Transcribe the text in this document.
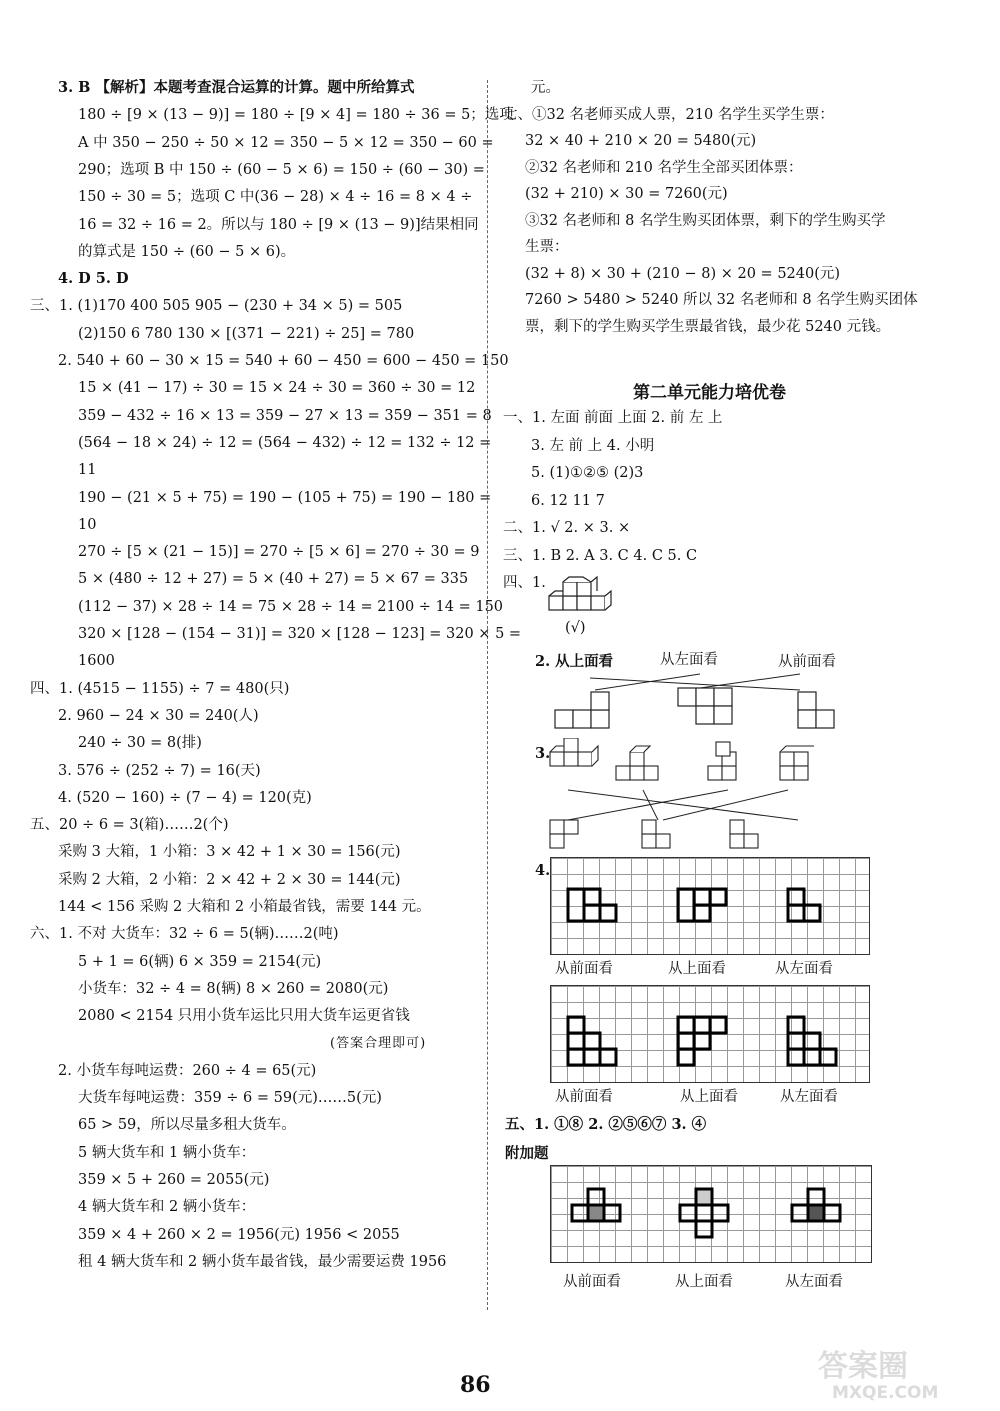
3. B 【解析】本题考查混合运算的计算。题中所给算式
180 ÷ [9 × (13 − 9)] = 180 ÷ [9 × 4] = 180 ÷ 36 = 5；选项
A 中 350 − 250 ÷ 50 × 12 = 350 − 5 × 12 = 350 − 60 =
290；选项 B 中 150 ÷ (60 − 5 × 6) = 150 ÷ (60 − 30) =
150 ÷ 30 = 5；选项 C 中(36 − 28) × 4 ÷ 16 = 8 × 4 ÷
16 = 32 ÷ 16 = 2。所以与 180 ÷ [9 × (13 − 9)]结果相同
的算式是 150 ÷ (60 − 5 × 6)。
4. D 5. D
三、1. (1)170 400 505 905 − (230 + 34 × 5) = 505
(2)150 6 780 130 × [(371 − 221) ÷ 25] = 780
2. 540 + 60 − 30 × 15 = 540 + 60 − 450 = 600 − 450 = 150
15 × (41 − 17) ÷ 30 = 15 × 24 ÷ 30 = 360 ÷ 30 = 12
359 − 432 ÷ 16 × 13 = 359 − 27 × 13 = 359 − 351 = 8
(564 − 18 × 24) ÷ 12 = (564 − 432) ÷ 12 = 132 ÷ 12 =
11
190 − (21 × 5 + 75) = 190 − (105 + 75) = 190 − 180 =
10
270 ÷ [5 × (21 − 15)] = 270 ÷ [5 × 6] = 270 ÷ 30 = 9
5 × (480 ÷ 12 + 27) = 5 × (40 + 27) = 5 × 67 = 335
(112 − 37) × 28 ÷ 14 = 75 × 28 ÷ 14 = 2100 ÷ 14 = 150
320 × [128 − (154 − 31)] = 320 × [128 − 123] = 320 × 5 =
1600
四、1. (4515 − 1155) ÷ 7 = 480(只)
2. 960 − 24 × 30 = 240(人)
240 ÷ 30 = 8(排)
3. 576 ÷ (252 ÷ 7) = 16(天)
4. (520 − 160) ÷ (7 − 4) = 120(克)
五、20 ÷ 6 = 3(箱)……2(个)
采购 3 大箱，1 小箱：3 × 42 + 1 × 30 = 156(元)
采购 2 大箱，2 小箱：2 × 42 + 2 × 30 = 144(元)
144 < 156 采购 2 大箱和 2 小箱最省钱，需要 144 元。
六、1. 不对 大货车：32 ÷ 6 = 5(辆)……2(吨)
5 + 1 = 6(辆) 6 × 359 = 2154(元)
小货车：32 ÷ 4 = 8(辆) 8 × 260 = 2080(元)
2080 < 2154 只用小货车运比只用大货车运更省钱
(答案合理即可)
2. 小货车每吨运费：260 ÷ 4 = 65(元)
大货车每吨运费：359 ÷ 6 = 59(元)……5(元)
65 > 59，所以尽量多租大货车。
5 辆大货车和 1 辆小货车：
359 × 5 + 260 = 2055(元)
4 辆大货车和 2 辆小货车：
359 × 4 + 260 × 2 = 1956(元) 1956 < 2055
租 4 辆大货车和 2 辆小货车最省钱，最少需要运费 1956
元。
七、①32 名老师买成人票，210 名学生买学生票：
32 × 40 + 210 × 20 = 5480(元)
②32 名老师和 210 名学生全部买团体票：
(32 + 210) × 30 = 7260(元)
③32 名老师和 8 名学生购买团体票，剩下的学生购买学
生票：
(32 + 8) × 30 + (210 − 8) × 20 = 5240(元)
7260 > 5480 > 5240 所以 32 名老师和 8 名学生购买团体
票，剩下的学生购买学生票最省钱，最少花 5240 元钱。
一、1. 左面 前面 上面 2. 前 左 上
3. 左 前 上 4. 小明
5. (1)①②⑤ (2)3
6. 12 11 7
二、1. √ 2. × 3. ×
三、1. B 2. A 3. C 4. C 5. C
四、1.
第二单元能力培优卷
(√)
2. 从上面看	从左面看	从前面看
3.
4.
从前面看	从上面看	从左面看
从前面看	从上面看	从左面看
五、1. ①⑧ 2. ②⑤⑥⑦ 3. ④
附加题
从前面看	从上面看	从左面看
86
答案圈
MXQE.COM
